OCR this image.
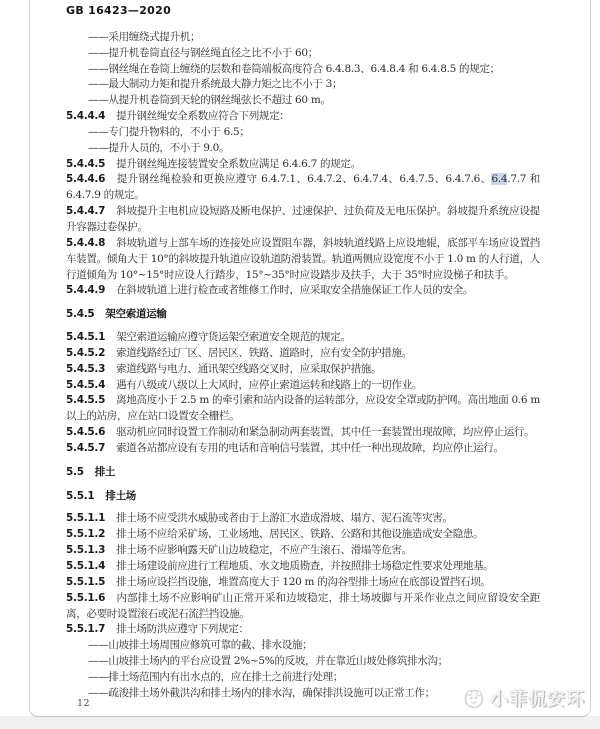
GB 16423—2020
——采用缠绕式提升机；
——提升机卷筒直径与钢丝绳直径之比不小于 60；
——钢丝绳在卷筒上缠绕的层数和卷筒端板高度符合 6.4.8.3、6.4.8.4 和 6.4.8.5 的规定；
——最大制动力矩和提升系统最大静力矩之比不小于 3；
——从提升机卷筒到天轮的钢丝绳弦长不超过 60 m。
5.4.4.4 提升钢丝绳安全系数应符合下列规定：
——专门提升物料的，不小于 6.5；
——提升人员的，不小于 9.0。
5.4.4.5 提升钢丝绳连接装置安全系数应满足 6.4.6.7 的规定。
5.4.4.6 提升钢丝绳检验和更换应遵守 6.4.7.1、6.4.7.2、6.4.7.4、6.4.7.5、6.4.7.6、6.4.7.7 和 6.4.7.9 的规定。
5.4.4.7 斜坡提升主电机应设短路及断电保护、过速保护、过负荷及无电压保护。斜坡提升系统应设提升容器过卷保护。
5.4.4.8 斜坡轨道与上部车场的连接处应设置阻车器，斜坡轨道线路上应设地辊，底部平车场应设置挡车装置。倾角大于 10°的斜坡提升轨道应设轨道防滑装置。轨道两侧应设宽度不小于 1.0 m 的人行道，人行道倾角为 10°~15°时应设人行踏步，15°~35°时应设踏步及扶手，大于 35°时应设梯子和扶手。
5.4.4.9 在斜坡轨道上进行检查或者维修工作时，应采取安全措施保证工作人员的安全。
5.4.5 架空索道运输
5.4.5.1 架空索道运输应遵守货运架空索道安全规范的规定。
5.4.5.2 索道线路经过厂区、居民区、铁路、道路时，应有安全防护措施。
5.4.5.3 索道线路与电力、通讯架空线路交叉时，应采取保护措施。
5.4.5.4 遇有八级或八级以上大风时，应停止索道运转和线路上的一切作业。
5.4.5.5 离地高度小于 2.5 m 的牵引索和站内设备的运转部分，应设安全罩或防护网。高出地面 0.6 m 以上的站房，应在站口设置安全栅栏。
5.4.5.6 驱动机应同时设置工作制动和紧急制动两套装置，其中任一套装置出现故障，均应停止运行。
5.4.5.7 索道各站都应设有专用的电话和音响信号装置，其中任一种出现故障，均应停止运行。
5.5 排土
5.5.1 排土场
5.5.1.1 排土场不应受洪水威胁或者由于上游汇水造成滑坡、塌方、泥石流等灾害。
5.5.1.2 排土场不应给采矿场、工业场地、居民区、铁路、公路和其他设施造成安全隐患。
5.5.1.3 排土场不应影响露天矿山边坡稳定，不应产生滚石、滑塌等危害。
5.5.1.4 排土场建设前应进行工程地质、水文地质勘查，并按照排土场稳定性要求处理地基。
5.5.1.5 排土场应设拦挡设施，堆置高度大于 120 m 的沟谷型排土场应在底部设置挡石坝。
5.5.1.6 内部排土场不应影响矿山正常开采和边坡稳定，排土场坡脚与开采作业点之间应留设安全距离，必要时设置滚石或泥石流拦挡设施。
5.5.1.7 排土场防洪应遵守下列规定：
——山坡排土场周围应修筑可靠的截、排水设施；
——山坡排土场内的平台应设置 2%~5%的反坡，并在靠近山坡处修筑排水沟；
——排土场范围内有出水点的，应在排土之前进行处理；
——疏浚排土场外截洪沟和排土场内的排水沟，确保排洪设施可以正常工作；
12	小菲侃安环
